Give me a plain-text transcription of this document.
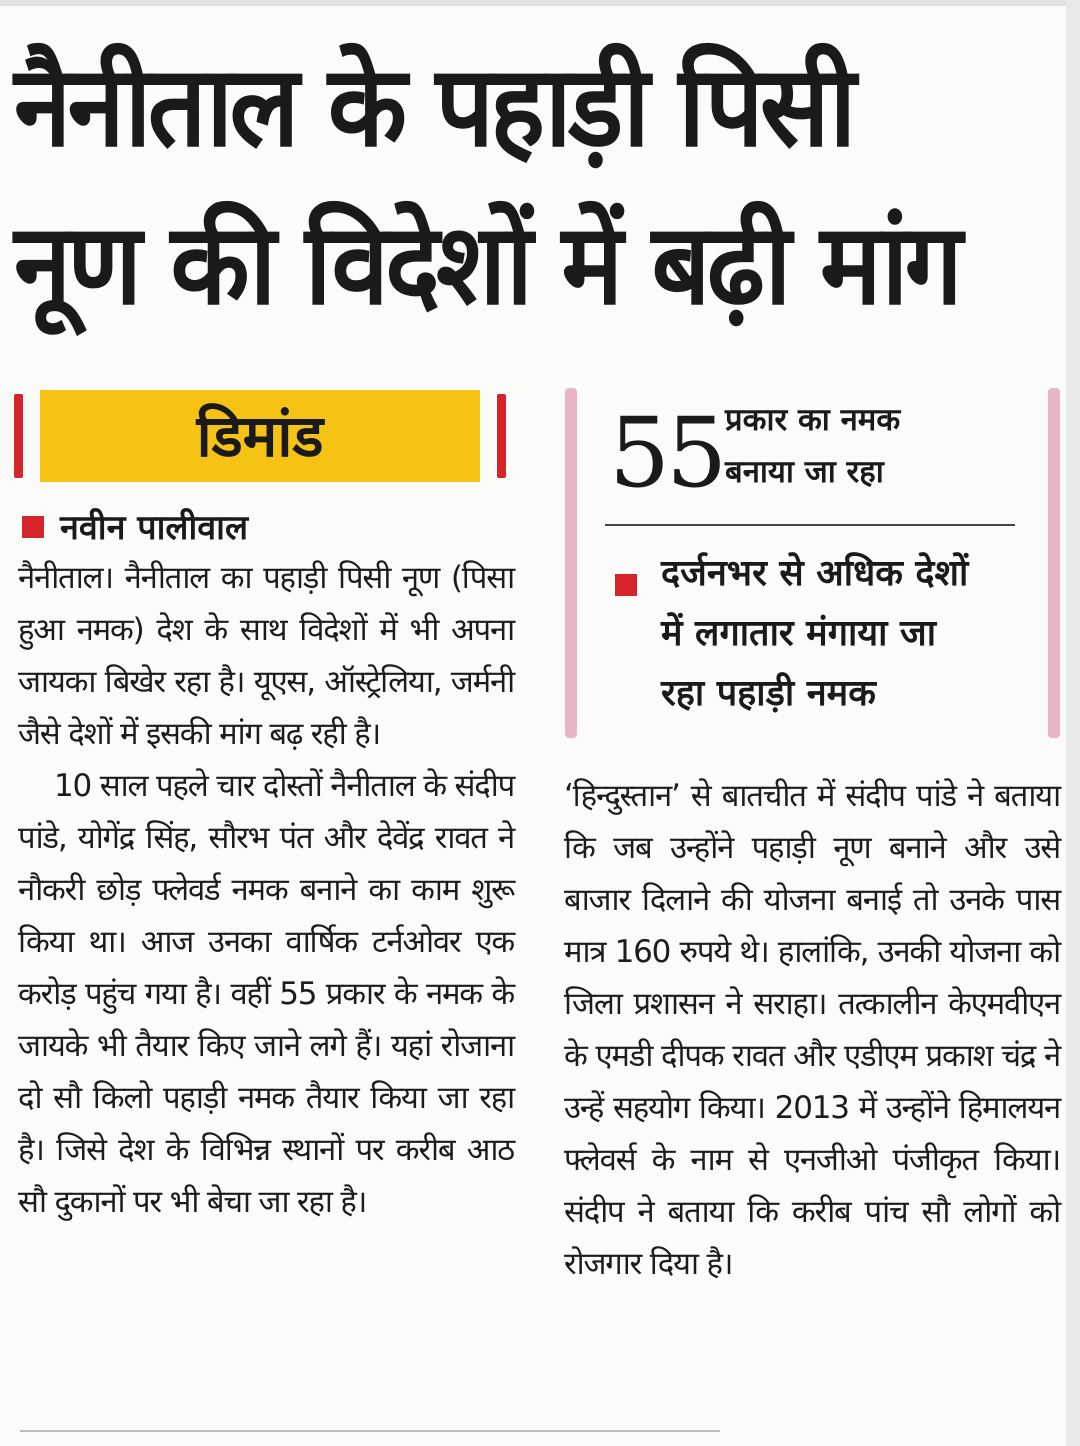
नैनीताल के पहाड़ी पिसी
नूण की विदेशों में बढ़ी मांग
डिमांड
नवीन पालीवाल

नैनीताल। नैनीताल का पहाड़ी पिसी नूण (पिसा हुआ नमक) देश के साथ विदेशों में भी अपना जायका बिखेर रहा है। यूएस, ऑस्ट्रेलिया, जर्मनी जैसे देशों में इसकी मांग बढ़ रही है।

10 साल पहले चार दोस्तों नैनीताल के संदीप पांडे, योगेंद्र सिंह, सौरभ पंत और देवेंद्र रावत ने नौकरी छोड़ फ्लेवर्ड नमक बनाने का काम शुरू किया था। आज उनका वार्षिक टर्नओवर एक करोड़ पहुंच गया है। वहीं 55 प्रकार के नमक के जायके भी तैयार किए जाने लगे हैं। यहां रोजाना दो सौ किलो पहाड़ी नमक तैयार किया जा रहा है। जिसे देश के विभिन्न स्थानों पर करीब आठ सौ दुकानों पर भी बेचा जा रहा है।

55 प्रकार का नमक
बनाया जा रहा
दर्जनभर से अधिक देशों
में लगातार मंगाया जा
रहा पहाड़ी नमक

‘हिन्दुस्तान’ से बातचीत में संदीप पांडे ने बताया कि जब उन्होंने पहाड़ी नूण बनाने और उसे बाजार दिलाने की योजना बनाई तो उनके पास मात्र 160 रुपये थे। हालांकि, उनकी योजना को जिला प्रशासन ने सराहा। तत्कालीन केएमवीएन के एमडी दीपक रावत और एडीएम प्रकाश चंद्र ने उन्हें सहयोग किया। 2013 में उन्होंने हिमालयन फ्लेवर्स के नाम से एनजीओ पंजीकृत किया। संदीप ने बताया कि करीब पांच सौ लोगों को रोजगार दिया है।
